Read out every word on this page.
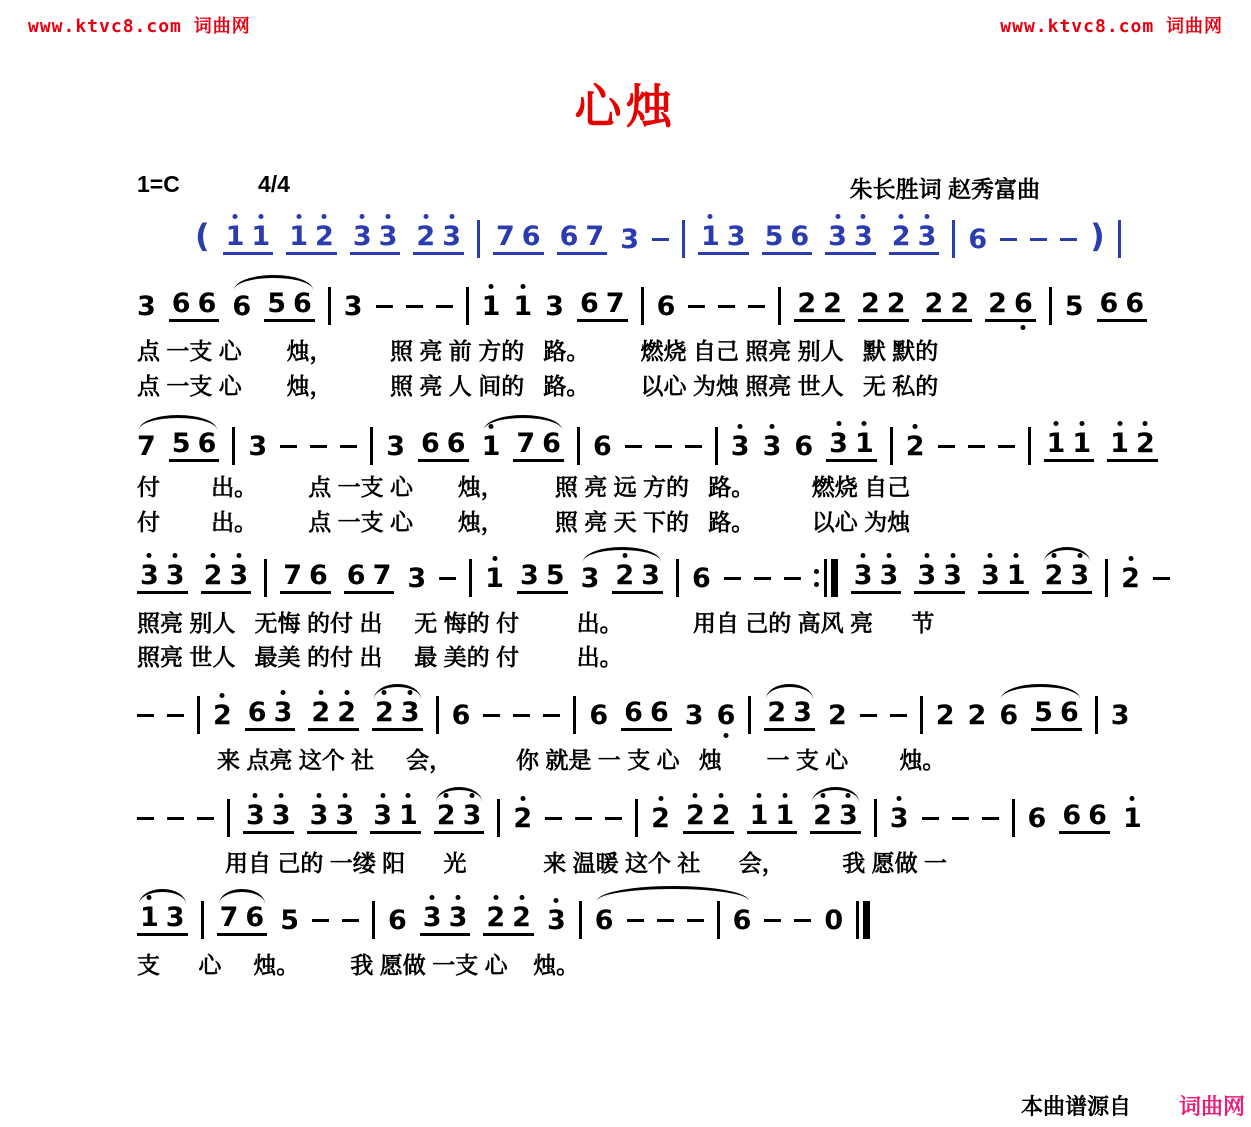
www.ktvc8.com 词曲网	www.ktvc8.com 词曲网
心烛
1=C	4/4	朱长胜词 赵秀富曲
( 1 1 1 2 3 3 2 3 7 6 6 7 3 1 3 5 6 3 3 2 3 6	)
3 6 6 6 5 6 3	1 1 3 6 7 6	2 2 2 2 2 2 2 6 5 6 6
点 一支 心       烛，         照 亮 前 方的   路。        燃烧 自己 照亮 别人   默 默的
点 一支 心       烛，         照 亮 人 间的   路。        以心 为烛 照亮 世人   无 私的
7 5 6 3	3 6 6 1 7 6 6	3 3 6 3 1 2	1 1 1 2
付        出。        点 一支 心       烛，        照 亮 远 方的   路。         燃烧 自己
付        出。        点 一支 心       烛，        照 亮 天 下的   路。         以心 为烛
3 3 2 3 7 6 6 7 3 1 3 5 3 2 3 6	3 3 3 3 3 1 2 3 2
照亮 别人   无悔 的付 出     无 悔的 付         出。           用自 己的 高风 亮      节
照亮 世人   最美 的付 出     最 美的 付         出。
2 6 3 2 2 2 3 6	6 6 6 3 6 2 3 2	2 2 6 5 6 3
来 点亮 这个 社     会，          你 就是 一 支 心   烛       一 支 心        烛。
3 3 3 3 3 1 2 3 2	2 2 2 1 1 2 3 3	6 6 6 1
用自 己的 一缕 阳      光            来 温暖 这个 社      会，         我 愿做 一
1 3 7 6 5	6 3 3 2 2 3 6	6	0
支      心     烛。        我 愿做 一支 心    烛。
本曲谱源自 词曲网
